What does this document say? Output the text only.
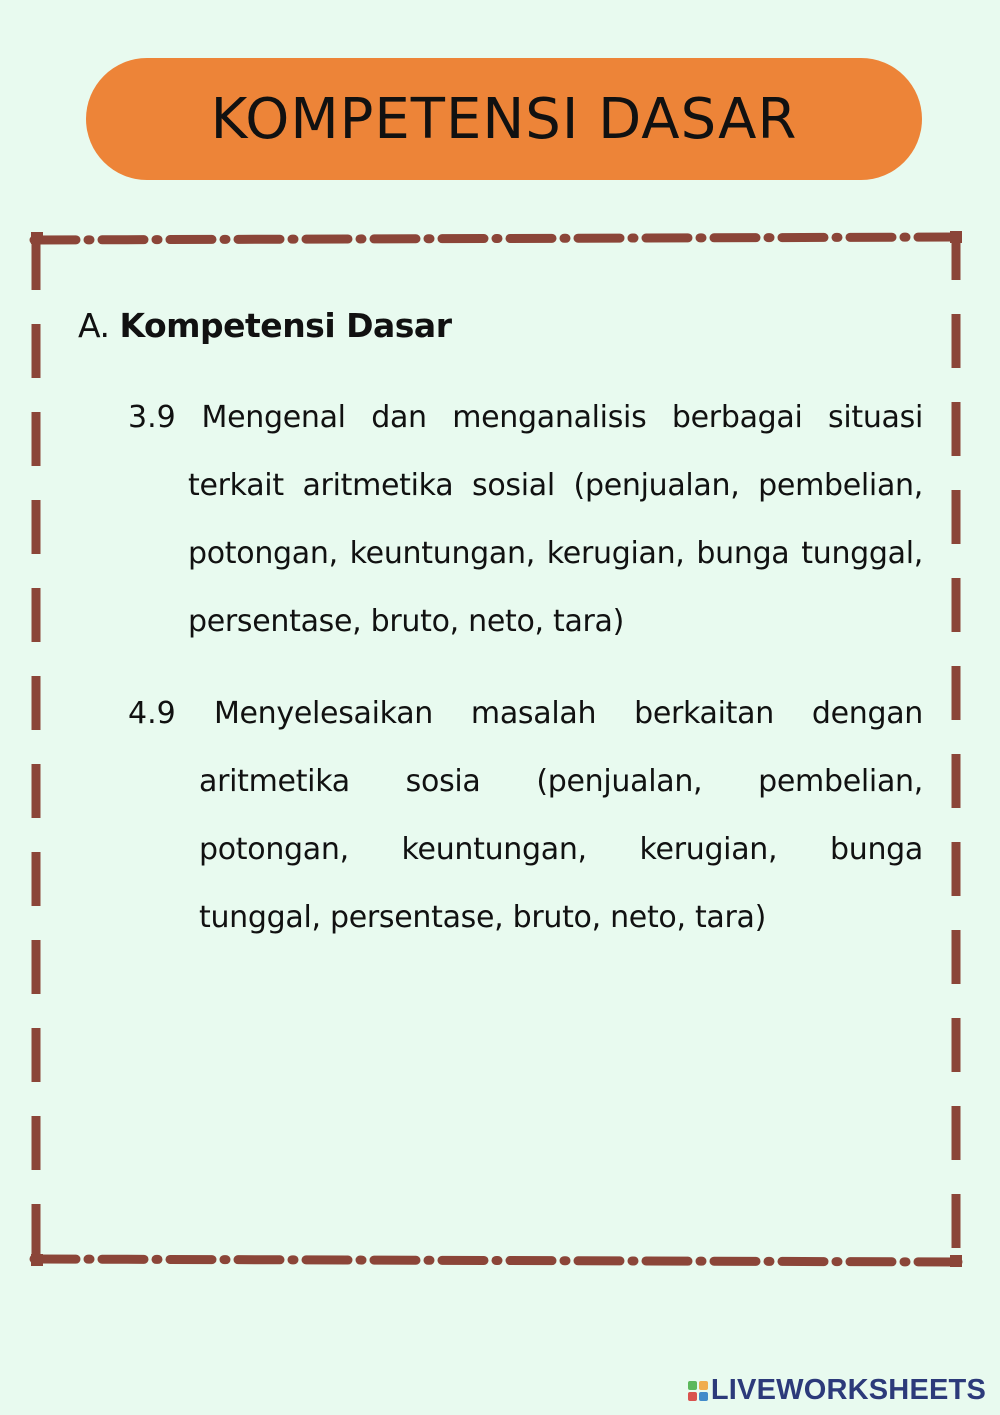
KOMPETENSI DASAR

A. Kompetensi Dasar

3.9 Mengenal dan menganalisis berbagai situasi terkait aritmetika sosial (penjualan, pembelian, potongan, keuntungan, kerugian, bunga tunggal, persentase, bruto, neto, tara)
4.9 Menyelesaikan masalah berkaitan dengan aritmetika sosia (penjualan, pembelian, potongan, keuntungan, kerugian, bunga tunggal, persentase, bruto, neto, tara)
LIVEWORKSHEETS
